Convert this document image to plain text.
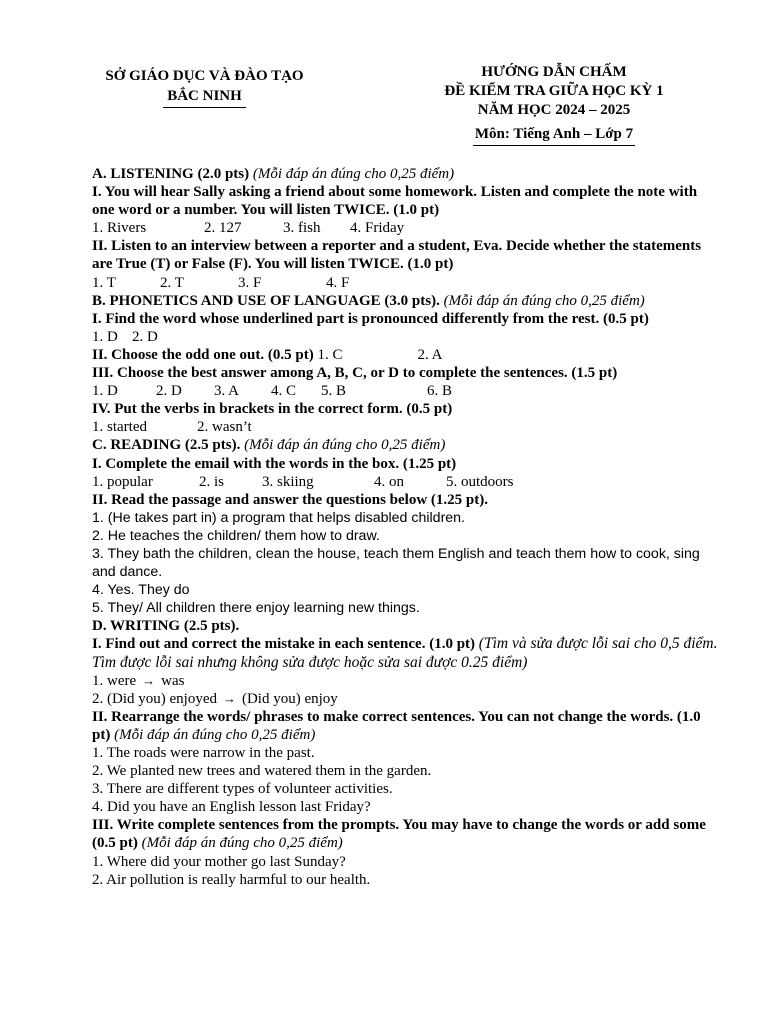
SỞ GIÁO DỤC VÀ ĐÀO TẠO
BẮC NINH
HƯỚNG DẪN CHẤM
ĐỀ KIỂM TRA GIỮA HỌC KỲ 1
NĂM HỌC 2024 – 2025
Môn: Tiếng Anh – Lớp 7
A. LISTENING (2.0 pts) (Mỗi đáp án đúng cho 0,25 điểm)
I. You will hear Sally asking a friend about some homework. Listen and complete the note with one word or a number. You will listen TWICE. (1.0 pt)
1. Rivers	2. 127	3. fish 4. Friday
II. Listen to an interview between a reporter and a student, Eva. Decide whether the statements are True (T) or False (F). You will listen TWICE. (1.0 pt)
1. T	2. T	3. F	4. F
B. PHONETICS AND USE OF LANGUAGE (3.0 pts). (Mỗi đáp án đúng cho 0,25 điểm)
I. Find the word whose underlined part is pronounced differently from the rest. (0.5 pt)
1. D 2. D
II. Choose the odd one out. (0.5 pt) 1. C	2. A
III. Choose the best answer among A, B, C, or D to complete the sentences. (1.5 pt)
1. D	2. D 3. A 4. C 5. B	6. B
IV. Put the verbs in brackets in the correct form. (0.5 pt)
1. started	2. wasn’t
C. READING (2.5 pts). (Mỗi đáp án đúng cho 0,25 điểm)
I. Complete the email with the words in the box. (1.25 pt)
1. popular	2. is	3. skiing	4. on	5. outdoors
II. Read the passage and answer the questions below (1.25 pt).
1. (He takes part in) a program that helps disabled children.
2. He teaches the children/ them how to draw.
3. They bath the children, clean the house, teach them English and teach them how to cook, sing and dance.
4. Yes. They do
5. They/ All children there enjoy learning new things.
D. WRITING (2.5 pts).
I. Find out and correct the mistake in each sentence. (1.0 pt) (Tìm và sửa được lỗi sai cho 0,5 điểm. Tìm được lỗi sai nhưng không sửa được hoặc sửa sai được 0.25 điểm)
1. were → was
2. (Did you) enjoyed → (Did you) enjoy
II. Rearrange the words/ phrases to make correct sentences. You can not change the words. (1.0 pt) (Mỗi đáp án đúng cho 0,25 điểm)
1. The roads were narrow in the past.
2. We planted new trees and watered them in the garden.
3. There are different types of volunteer activities.
4. Did you have an English lesson last Friday?
III. Write complete sentences from the prompts. You may have to change the words or add some (0.5 pt) (Mỗi đáp án đúng cho 0,25 điểm)
1. Where did your mother go last Sunday?
2. Air pollution is really harmful to our health.
